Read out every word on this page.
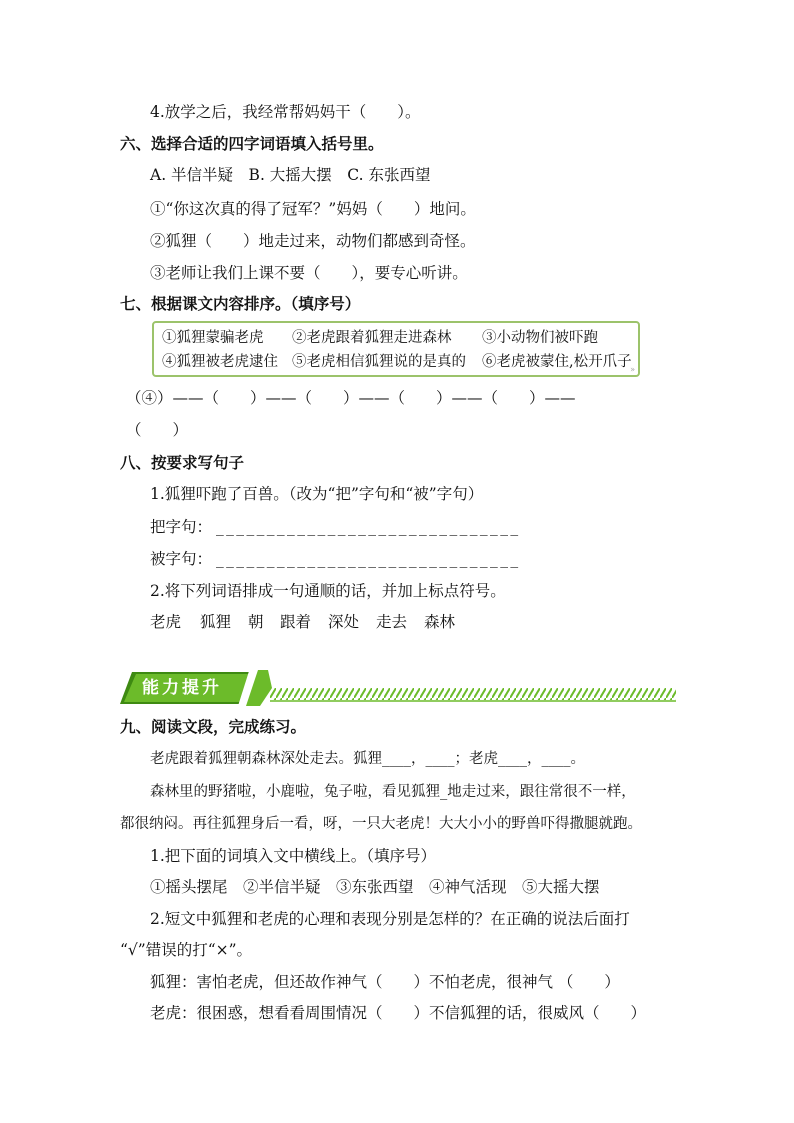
4.放学之后，我经常帮妈妈干（　　）。
六、选择合适的四字词语填入括号里。
A. 半信半疑　B. 大摇大摆　C. 东张西望
①“你这次真的得了冠军？”妈妈（　　）地问。
②狐狸（　　）地走过来，动物们都感到奇怪。
③老师让我们上课不要（　　），要专心听讲。
七、根据课文内容排序。（填序号）
①狐狸蒙骗老虎 ②老虎跟着狐狸走进森林 ③小动物们被吓跑
④狐狸被老虎逮住 ⑤老虎相信狐狸说的是真的 ⑥老虎被蒙住,松开爪子
»
（④）——（　　）——（　　）——（　　）——（　　）——
（　　）
八、按要求写句子
1.狐狸吓跑了百兽。（改为“把”字句和“被”字句）
把字句： ______________________________
被字句： ______________________________
2.将下列词语排成一句通顺的话，并加上标点符号。
老虎 狐狸 朝 跟着 深处 走去 森林
能力提升
九、阅读文段，完成练习。
老虎跟着狐狸朝森林深处走去。狐狸____，____；老虎____，____。
森林里的野猪啦，小鹿啦，兔子啦，看见狐狸_地走过来，跟往常很不一样，
都很纳闷。再往狐狸身后一看，呀，一只大老虎！大大小小的野兽吓得撒腿就跑。
1.把下面的词填入文中横线上。（填序号）
①摇头摆尾　②半信半疑　③东张西望　④神气活现　⑤大摇大摆
2.短文中狐狸和老虎的心理和表现分别是怎样的？在正确的说法后面打
“√”错误的打“×”。
狐狸：害怕老虎，但还故作神气（　　）不怕老虎，很神气 （　　）
老虎：很困惑，想看看周围情况（　　）不信狐狸的话，很威风（　　）
